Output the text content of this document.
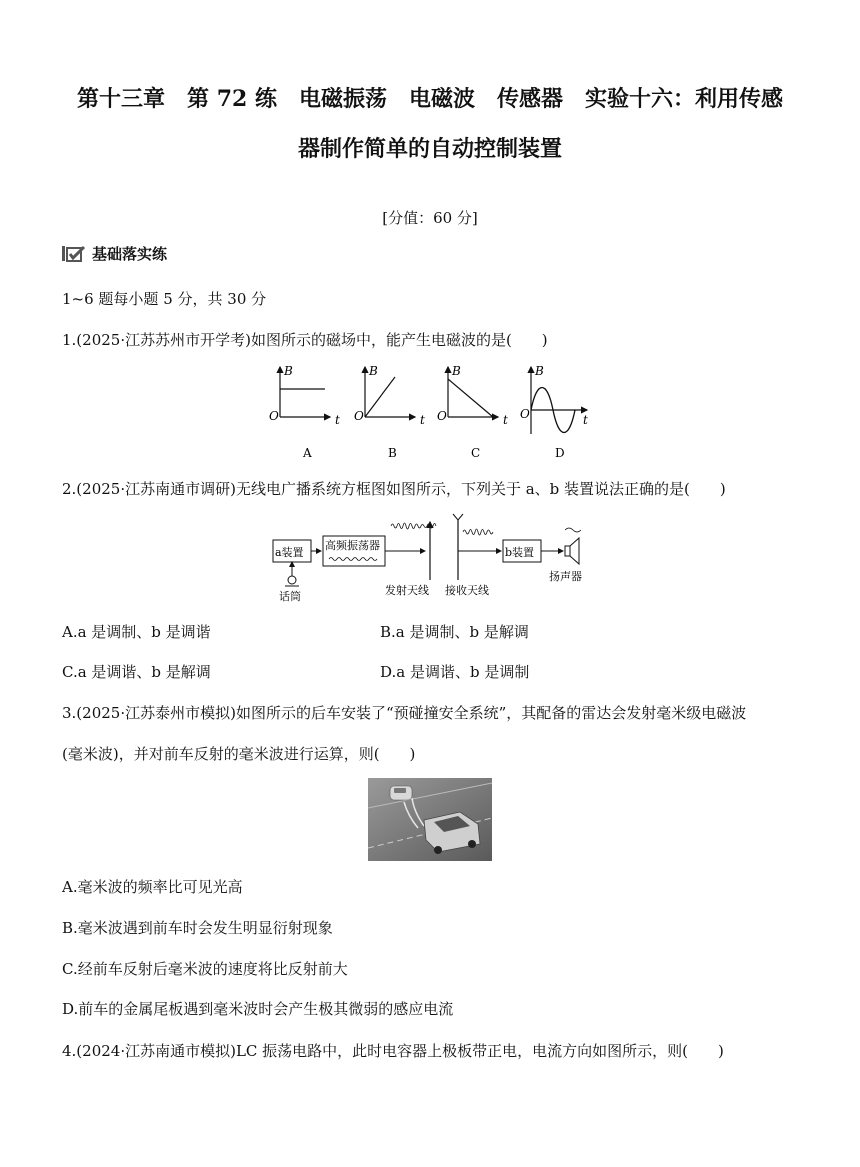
第十三章　第 72 练　电磁振荡　电磁波　传感器　实验十六：利用传感
器制作简单的自动控制装置
[分值：60 分]
基础落实练
1~6 题每小题 5 分，共 30 分
1.(2025·江苏苏州市开学考)如图所示的磁场中，能产生电磁波的是(　　)
B
O	t
A
B
O	t
B
B
O	t
C
B
O	t
D
2.(2025·江苏南通市调研)无线电广播系统方框图如图所示，下列关于 a、b 装置说法正确的是(　　)
a装置
话筒
高频振荡器
发射天线 接收天线
b装置
扬声器
A.a 是调制、b 是调谐	B.a 是调制、b 是解调
C.a 是调谐、b 是解调	D.a 是调谐、b 是调制
3.(2025·江苏泰州市模拟)如图所示的后车安装了“预碰撞安全系统”，其配备的雷达会发射毫米级电磁波
(毫米波)，并对前车反射的毫米波进行运算，则(　　)
A.毫米波的频率比可见光高
B.毫米波遇到前车时会发生明显衍射现象
C.经前车反射后毫米波的速度将比反射前大
D.前车的金属尾板遇到毫米波时会产生极其微弱的感应电流
4.(2024·江苏南通市模拟)LC 振荡电路中，此时电容器上极板带正电，电流方向如图所示，则(　　)
